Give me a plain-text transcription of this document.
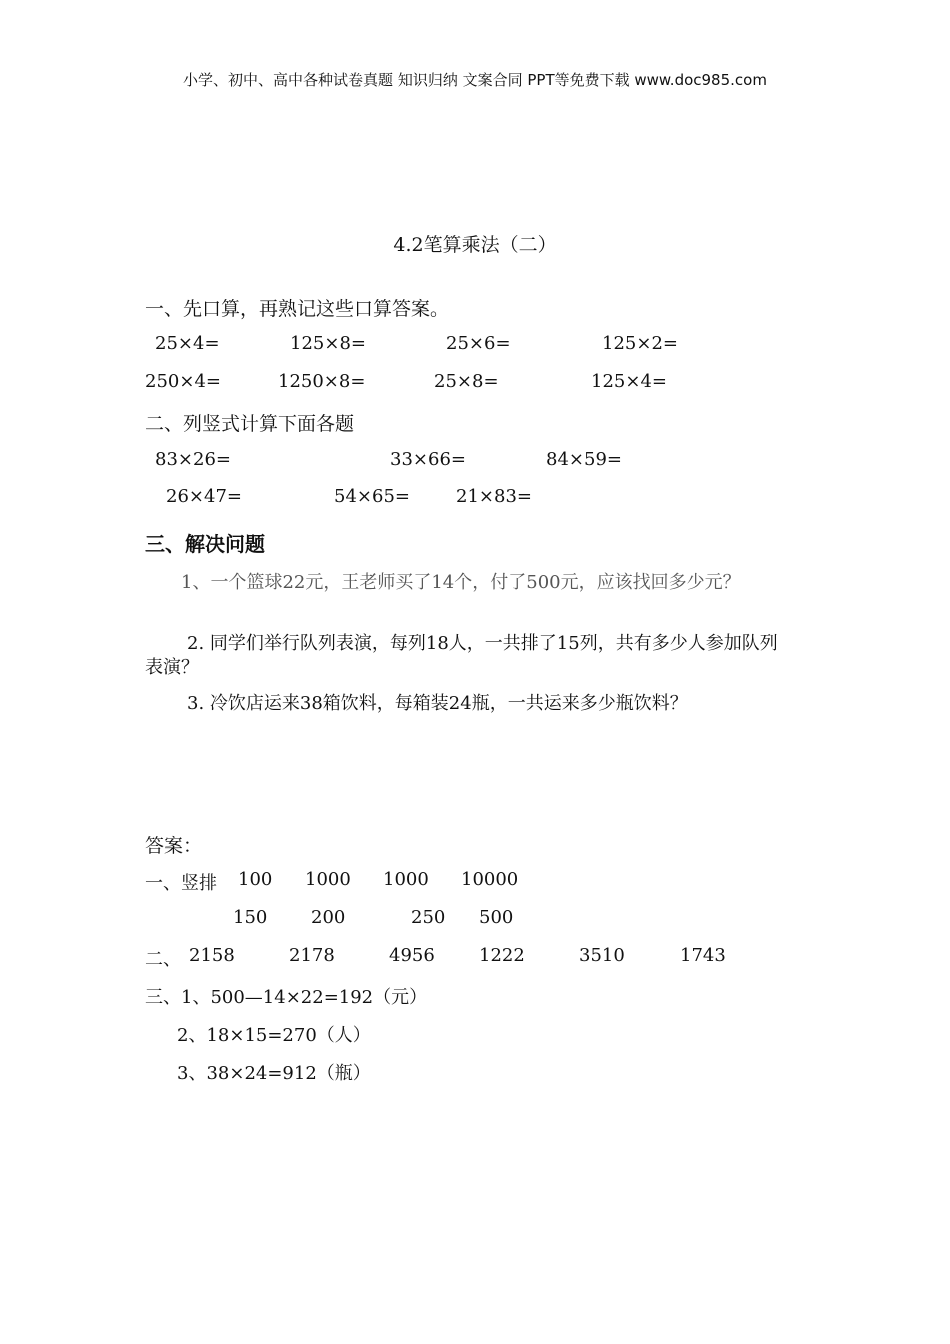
小学、初中、高中各种试卷真题 知识归纳 文案合同 PPT等免费下载 www.doc985.com
4.2笔算乘法（二）
一、先口算，再熟记这些口算答案。
25×4=	125×8=	25×6=	125×2=
250×4=	1250×8=	25×8=	125×4=
二、列竖式计算下面各题
83×26=	33×66=	84×59=
26×47=	54×65=	21×83=
三、解决问题
1、一个篮球22元，王老师买了14个，付了500元，应该找回多少元？
2. 同学们举行队列表演，每列18人，一共排了15列，共有多少人参加队列表演？
3. 冷饮店运来38箱饮料，每箱装24瓶，一共运来多少瓶饮料？
答案：
一、竖排 100 1000 1000 10000
150 200	250 500
二、 2158	2178	4956 1222	3510	1743
三、1、500—14×22=192（元）
2、18×15=270（人）
3、38×24=912（瓶）
